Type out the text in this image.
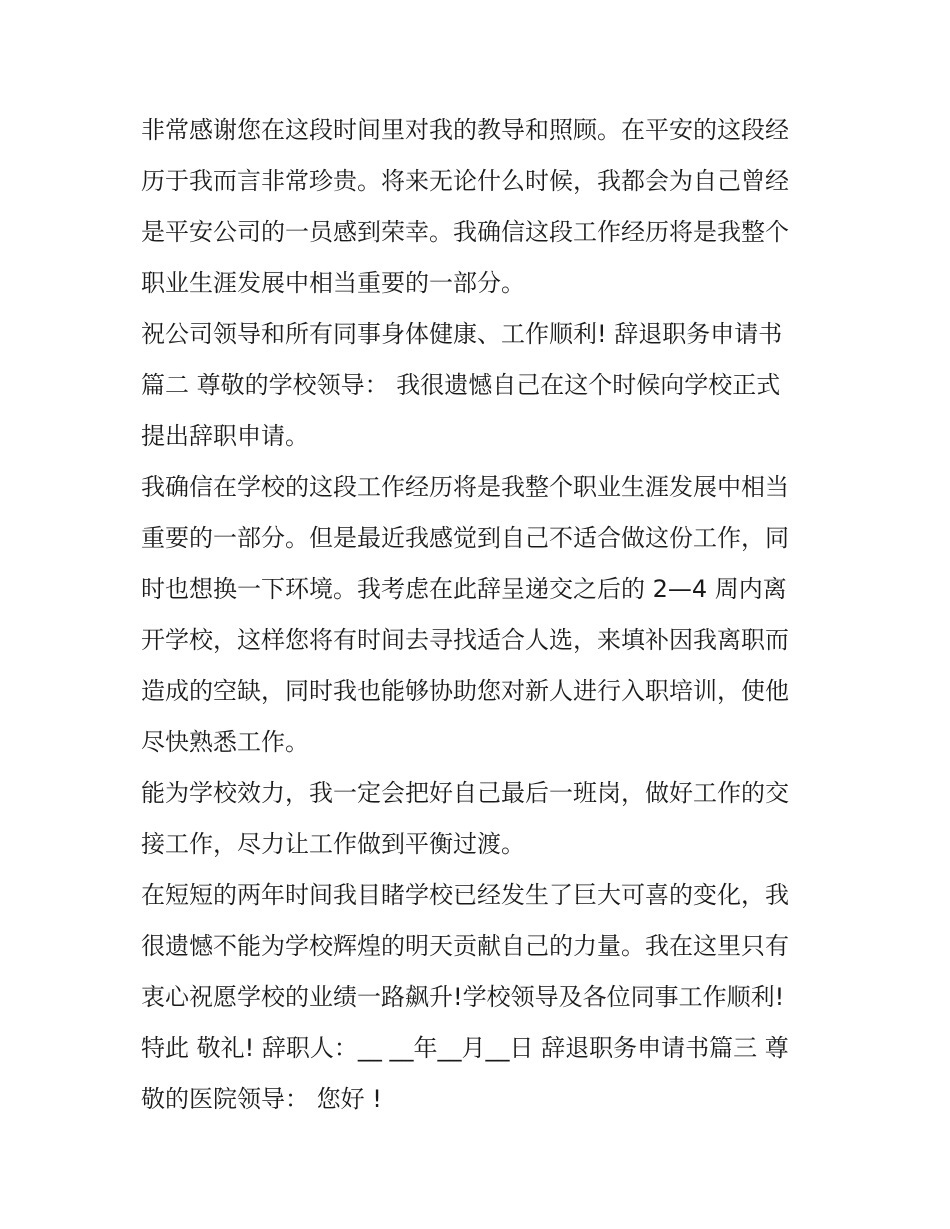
非常感谢您在这段时间里对我的教导和照顾。在平安的这段经
历于我而言非常珍贵。将来无论什么时候，我都会为自己曾经
是平安公司的一员感到荣幸。我确信这段工作经历将是我整个
职业生涯发展中相当重要的一部分。
祝公司领导和所有同事身体健康、工作顺利! 辞退职务申请书
篇二 尊敬的学校领导： 我很遗憾自己在这个时候向学校正式
提出辞职申请。
我确信在学校的这段工作经历将是我整个职业生涯发展中相当
重要的一部分。但是最近我感觉到自己不适合做这份工作，同
时也想换一下环境。我考虑在此辞呈递交之后的 2—4 周内离
开学校，这样您将有时间去寻找适合人选，来填补因我离职而
造成的空缺，同时我也能够协助您对新人进行入职培训，使他
尽快熟悉工作。
能为学校效力，我一定会把好自己最后一班岗，做好工作的交
接工作，尽力让工作做到平衡过渡。
在短短的两年时间我目睹学校已经发生了巨大可喜的变化，我
很遗憾不能为学校辉煌的明天贡献自己的力量。我在这里只有
衷心祝愿学校的业绩一路飙升!学校领导及各位同事工作顺利!
特此 敬礼! 辞职人：__ __年__月__日 辞退职务申请书篇三 尊
敬的医院领导： 您好 !
